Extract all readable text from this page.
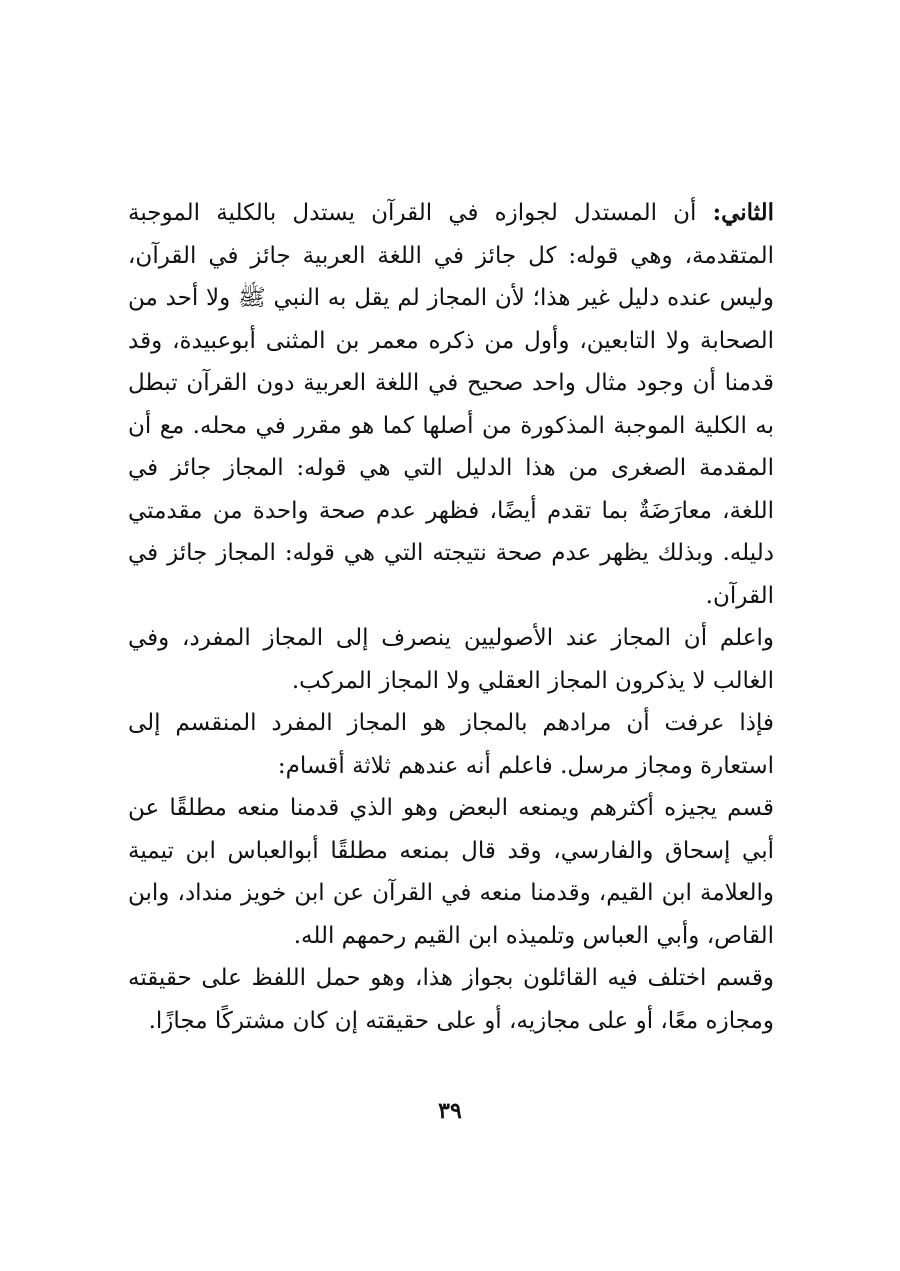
الثاني: أن المستدل لجوازه في القرآن يستدل بالكلية الموجبة المتقدمة، وهي قوله: كل جائز في اللغة العربية جائز في القرآن، وليس عنده دليل غير هذا؛ لأن المجاز لم يقل به النبي ﷺ ولا أحد من الصحابة ولا التابعين، وأول من ذكره معمر بن المثنى أبوعبيدة، وقد قدمنا أن وجود مثال واحد صحيح في اللغة العربية دون القرآن تبطل به الكلية الموجبة المذكورة من أصلها كما هو مقرر في محله. مع أن المقدمة الصغرى من هذا الدليل التي هي قوله: المجاز جائز في اللغة، معارَضَةٌ بما تقدم أيضًا، فظهر عدم صحة واحدة من مقدمتي دليله. وبذلك يظهر عدم صحة نتيجته التي هي قوله: المجاز جائز في القرآن.

واعلم أن المجاز عند الأصوليين ينصرف إلى المجاز المفرد، وفي الغالب لا يذكرون المجاز العقلي ولا المجاز المركب.

فإذا عرفت أن مرادهم بالمجاز هو المجاز المفرد المنقسم إلى استعارة ومجاز مرسل. فاعلم أنه عندهم ثلاثة أقسام:

قسم يجيزه أكثرهم ويمنعه البعض وهو الذي قدمنا منعه مطلقًا عن أبي إسحاق والفارسي، وقد قال بمنعه مطلقًا أبوالعباس ابن تيمية والعلامة ابن القيم، وقدمنا منعه في القرآن عن ابن خويز منداد، وابن القاص، وأبي العباس وتلميذه ابن القيم رحمهم الله.

وقسم اختلف فيه القائلون بجواز هذا، وهو حمل اللفظ على حقيقته ومجازه معًا، أو على مجازيه، أو على حقيقته إن كان مشتركًا مجازًا.

٣٩
